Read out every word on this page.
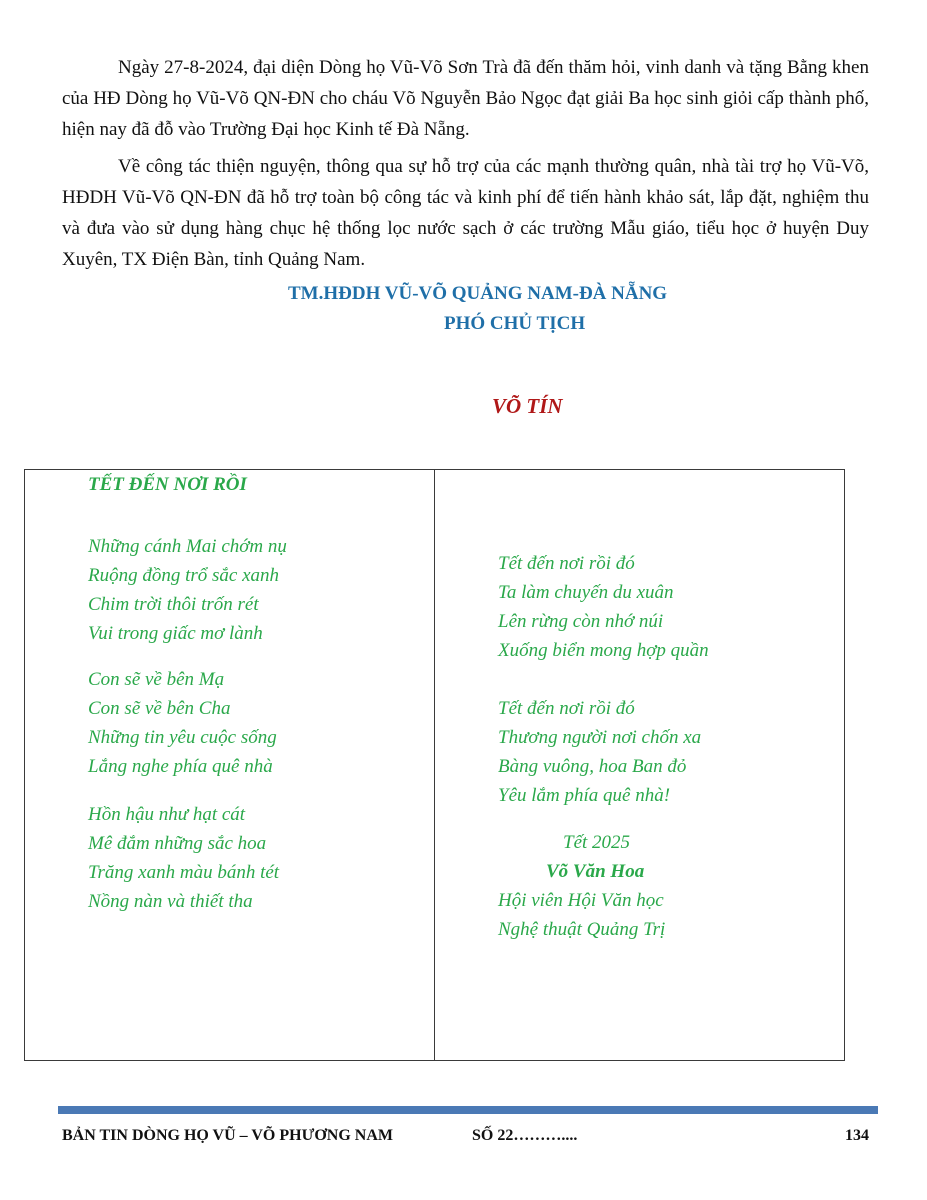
Ngày 27-8-2024, đại diện Dòng họ Vũ-Võ Sơn Trà đã đến thăm hỏi, vinh danh và tặng Bằng khen của HĐ Dòng họ Vũ-Võ QN-ĐN cho cháu Võ Nguyễn Bảo Ngọc đạt giải Ba học sinh giỏi cấp thành phố, hiện nay đã đỗ vào Trường Đại học Kinh tế Đà Nẵng.

Về công tác thiện nguyện, thông qua sự hỗ trợ của các mạnh thường quân, nhà tài trợ họ Vũ-Võ, HĐDH Vũ-Võ QN-ĐN đã hỗ trợ toàn bộ công tác và kinh phí để tiến hành khảo sát, lắp đặt, nghiệm thu và đưa vào sử dụng hàng chục hệ thống lọc nước sạch ở các trường Mẫu giáo, tiểu học ở huyện Duy Xuyên, TX Điện Bàn, tỉnh Quảng Nam.

TM.HĐDH VŨ-VÕ QUẢNG NAM-ĐÀ NẴNG

PHÓ CHỦ TỊCH

VÕ TÍN

TẾT ĐẾN NƠI RỒI

Những cánh Mai chớm nụ
Ruộng đồng trổ sắc xanh
Chim trời thôi trốn rét
Vui trong giấc mơ lành
Con sẽ về bên Mạ
Con sẽ về bên Cha
Những tin yêu cuộc sống
Lắng nghe phía quê nhà
Hồn hậu như hạt cát
Mê đắm những sắc hoa
Trăng xanh màu bánh tét
Nồng nàn và thiết tha
Tết đến nơi rồi đó
Ta làm chuyến du xuân
Lên rừng còn nhớ núi
Xuống biển mong hợp quần
Tết đến nơi rồi đó
Thương người nơi chốn xa
Bàng vuông, hoa Ban đỏ
Yêu lắm phía quê nhà!
Tết 2025
Võ Văn Hoa
Hội viên Hội Văn học
Nghệ thuật Quảng Trị

BẢN TIN DÒNG HỌ VŨ – VÕ PHƯƠNG NAM	SỐ 22………....	134
